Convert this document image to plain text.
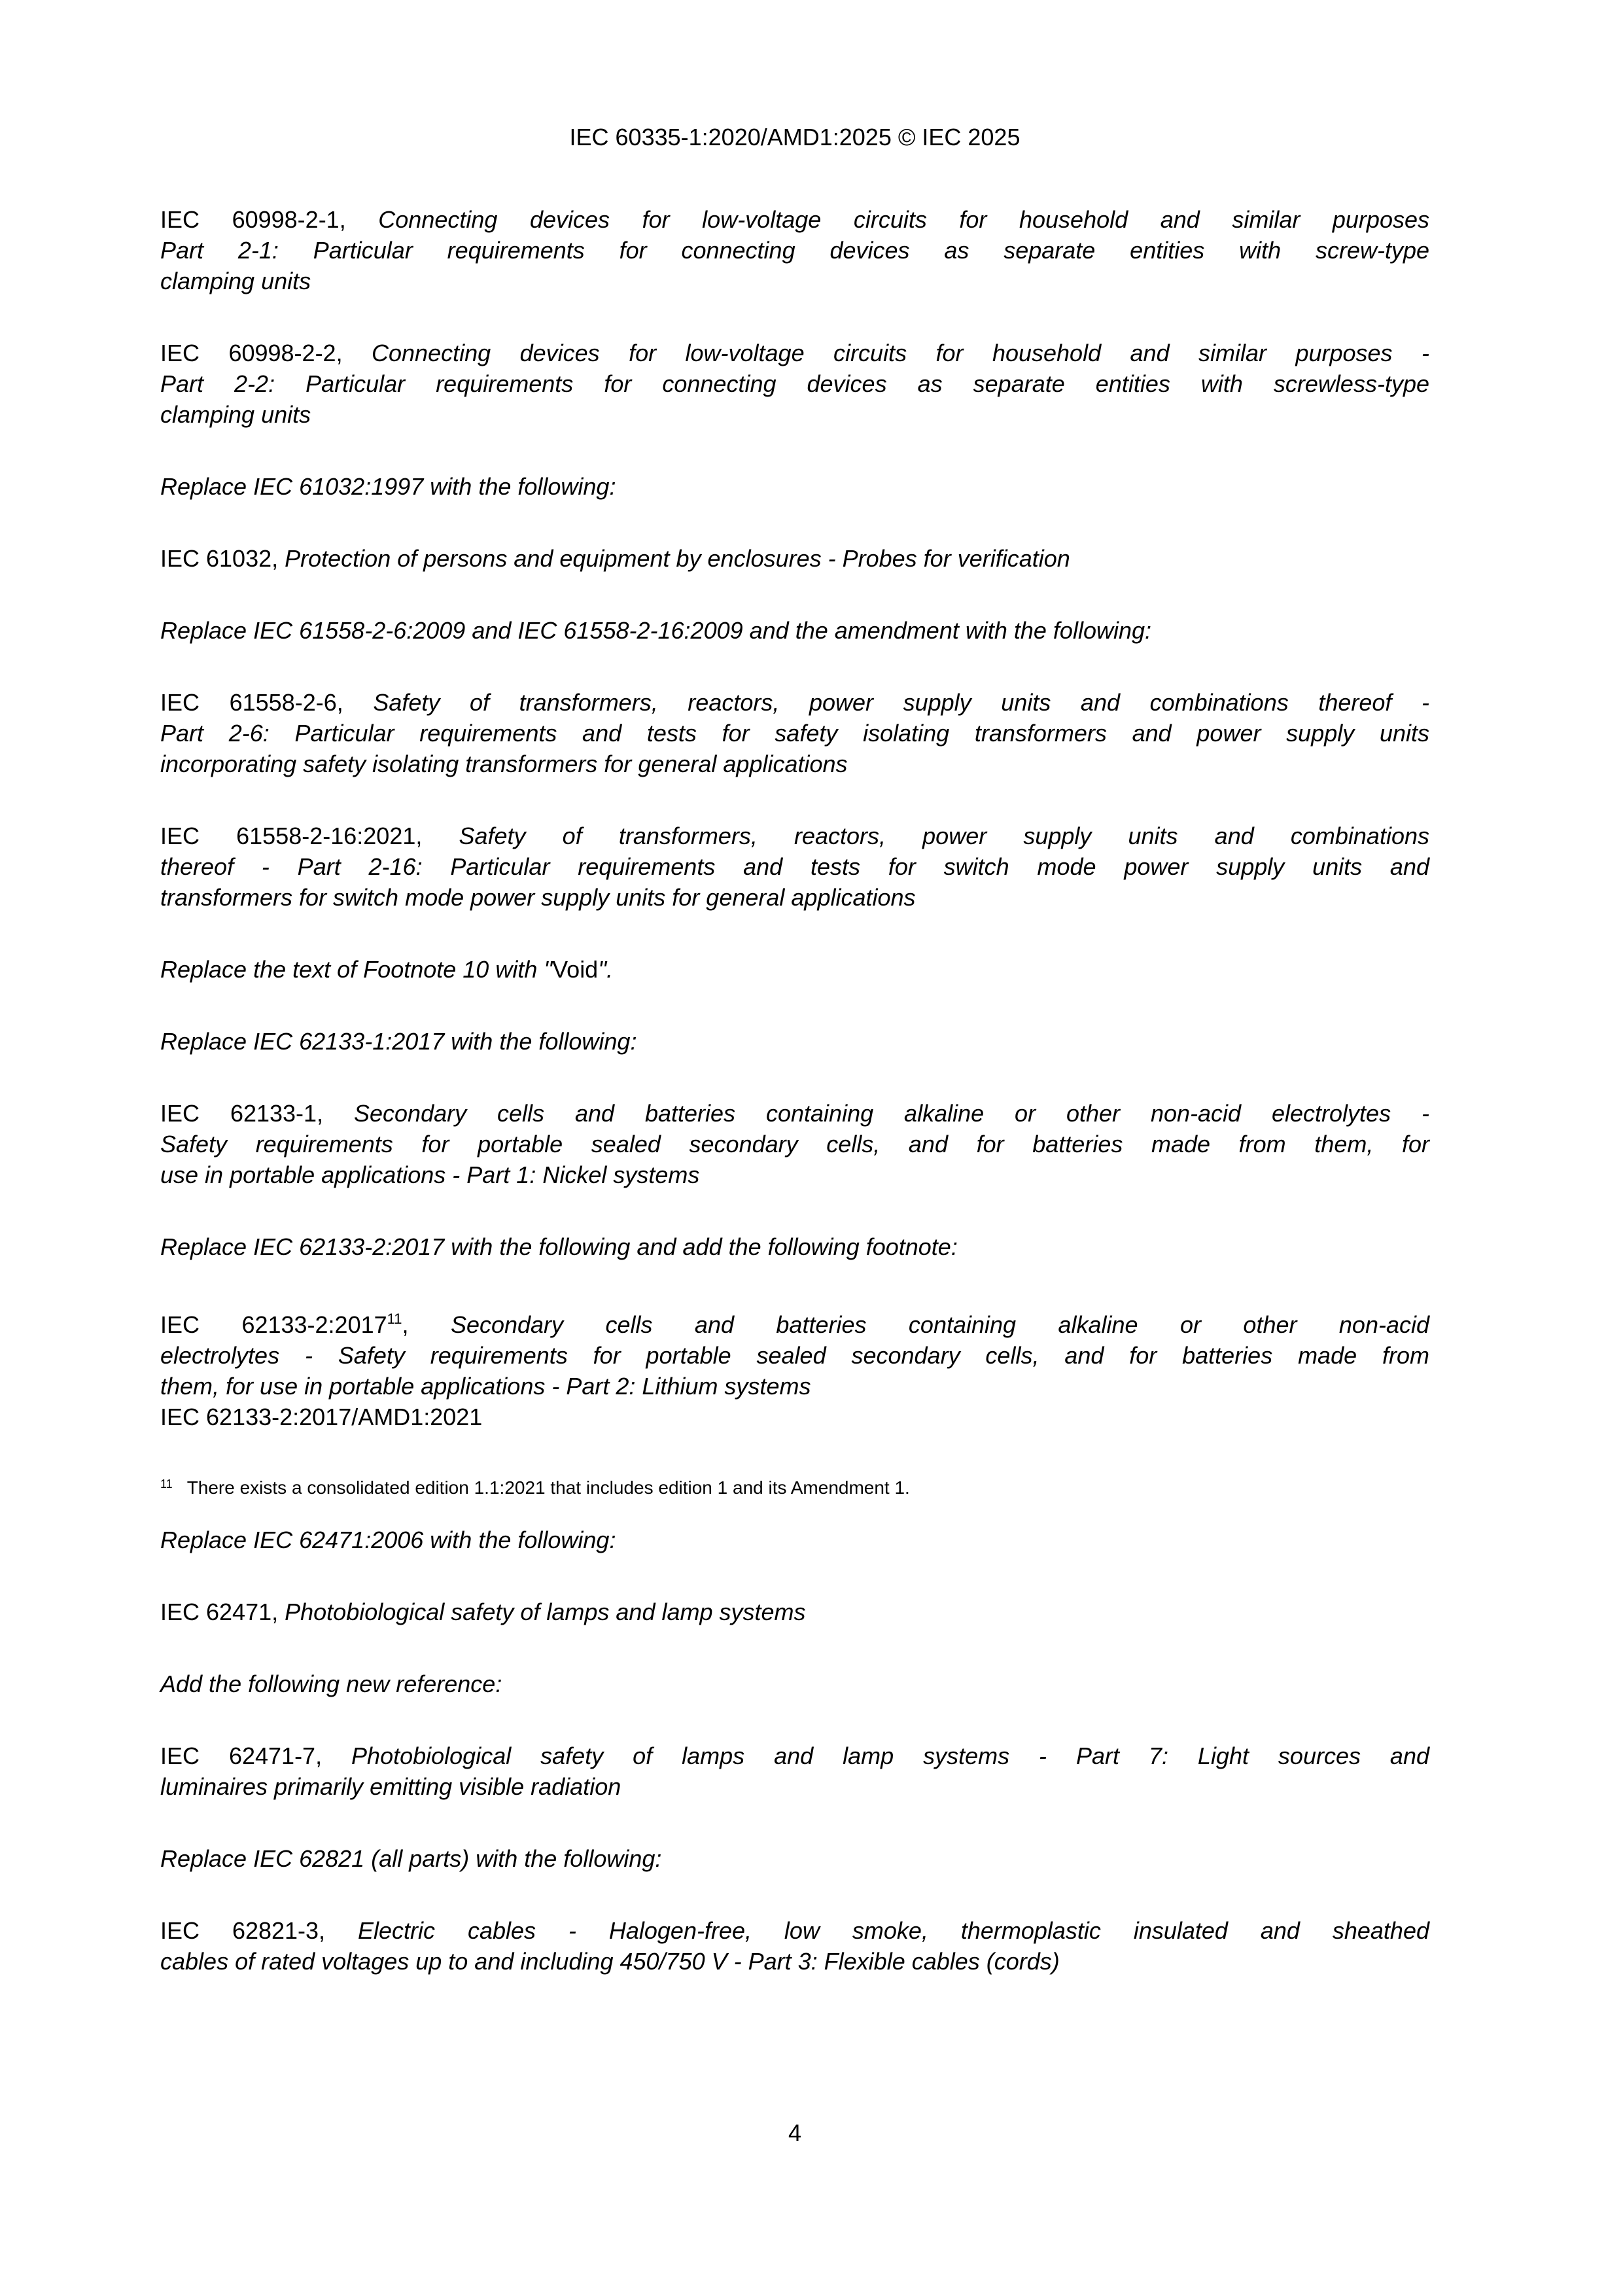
IEC 60335-1:2020/AMD1:2025 © IEC 2025
IEC 60998-2-1, Connecting devices for low-voltage circuits for household and similar purposes
Part 2-1: Particular requirements for connecting devices as separate entities with screw-type
clamping units
IEC 60998-2-2, Connecting devices for low-voltage circuits for household and similar purposes -
Part 2-2: Particular requirements for connecting devices as separate entities with screwless-type
clamping units
Replace IEC 61032:1997 with the following:
IEC 61032, Protection of persons and equipment by enclosures - Probes for verification
Replace IEC 61558-2-6:2009 and IEC 61558-2-16:2009 and the amendment with the following:
IEC 61558-2-6, Safety of transformers, reactors, power supply units and combinations thereof -
Part 2-6: Particular requirements and tests for safety isolating transformers and power supply units
incorporating safety isolating transformers for general applications
IEC 61558-2-16:2021, Safety of transformers, reactors, power supply units and combinations
thereof - Part 2-16: Particular requirements and tests for switch mode power supply units and
transformers for switch mode power supply units for general applications
Replace the text of Footnote 10 with "Void".
Replace IEC 62133-1:2017 with the following:
IEC 62133-1, Secondary cells and batteries containing alkaline or other non-acid electrolytes -
Safety requirements for portable sealed secondary cells, and for batteries made from them, for
use in portable applications - Part 1: Nickel systems
Replace IEC 62133-2:2017 with the following and add the following footnote:
IEC 62133-2:2017$^{11}$, Secondary cells and batteries containing alkaline or other non-acid
electrolytes - Safety requirements for portable sealed secondary cells, and for batteries made from
them, for use in portable applications - Part 2: Lithium systems
IEC 62133-2:2017/AMD1:2021
$^{11}$ There exists a consolidated edition 1.1:2021 that includes edition 1 and its Amendment 1.
Replace IEC 62471:2006 with the following:
IEC 62471, Photobiological safety of lamps and lamp systems
Add the following new reference:
IEC 62471-7, Photobiological safety of lamps and lamp systems - Part 7: Light sources and
luminaires primarily emitting visible radiation
Replace IEC 62821 (all parts) with the following:
IEC 62821-3, Electric cables - Halogen-free, low smoke, thermoplastic insulated and sheathed
cables of rated voltages up to and including 450/750 V - Part 3: Flexible cables (cords)
4
